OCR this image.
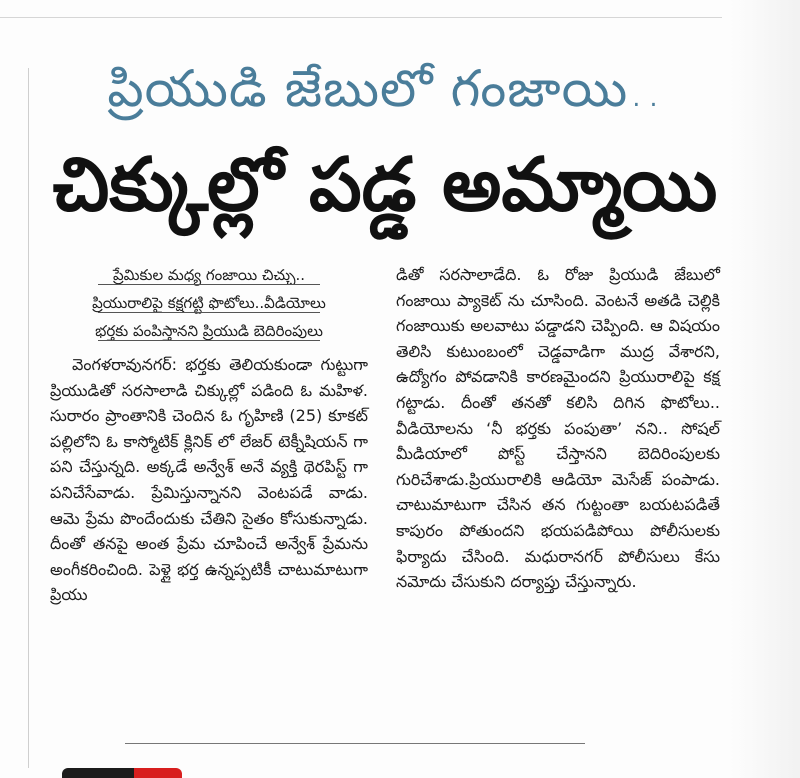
ప్రియుడి జేబులో గంజాయి..
చిక్కుల్లో పడ్డ అమ్మాయి
ప్రేమికుల మధ్య గంజాయి చిచ్చు..
ప్రియురాలిపై కక్షగట్టి ఫొటోలు..వీడియోలు
భర్తకు పంపిస్తానని ప్రియుడి బెదిరింపులు

వెంగళరావునగర్: భర్తకు తెలియకుండా గుట్టుగా ప్రియుడితో సరసాలాడి చిక్కుల్లో పడింది ఓ మహిళ. సురారం ప్రాంతానికి చెందిన ఓ గృహిణి (25) కూకట్ పల్లిలోని ఓ కాస్మోటిక్ క్లినిక్ లో లేజర్ టెక్నీషియన్ గా పని చేస్తున్నది. అక్కడే అన్వేశ్ అనే వ్యక్తి థెరపిస్ట్ గా పనిచేసేవాడు. ప్రేమిస్తున్నానని వెంటపడే వాడు. ఆమె ప్రేమ పొందేందుకు చేతిని సైతం కోసుకున్నాడు. దీంతో తనపై అంత ప్రేమ చూపించే అన్వేశ్ ప్రేమను అంగీకరించింది. పెళ్లై భర్త ఉన్నప్పటికీ చాటుమాటుగా ప్రియు

డితో సరసాలాడేది. ఓ రోజు ప్రియుడి జేబులో గంజాయి ప్యాకెట్ ను చూసింది. వెంటనే అతడి చెల్లికి గంజాయికు అలవాటు పడ్డాడని చెప్పింది. ఆ విషయం తెలిసి కుటుంబంలో చెడ్డవాడిగా ముద్ర వేశారని, ఉద్యోగం పోవడానికి కారణమైందని ప్రియురాలిపై కక్ష గట్టాడు. దీంతో తనతో కలిసి దిగిన ఫొటోలు.. వీడియోలను ‘నీ భర్తకు పంపుతా’ నని.. సోషల్ మీడియాలో పోస్ట్ చేస్తానని బెదిరింపులకు గురిచేశాడు.ప్రియురాలికి ఆడియో మెసేజ్ పంపాడు. చాటుమాటుగా చేసిన తన గుట్టంతా బయటపడితే కాపురం పోతుందని భయపడిపోయి పోలీసులకు ఫిర్యాదు చేసింది. మధురానగర్ పోలీసులు కేసు నమోదు చేసుకుని దర్యాప్తు చేస్తున్నారు.
